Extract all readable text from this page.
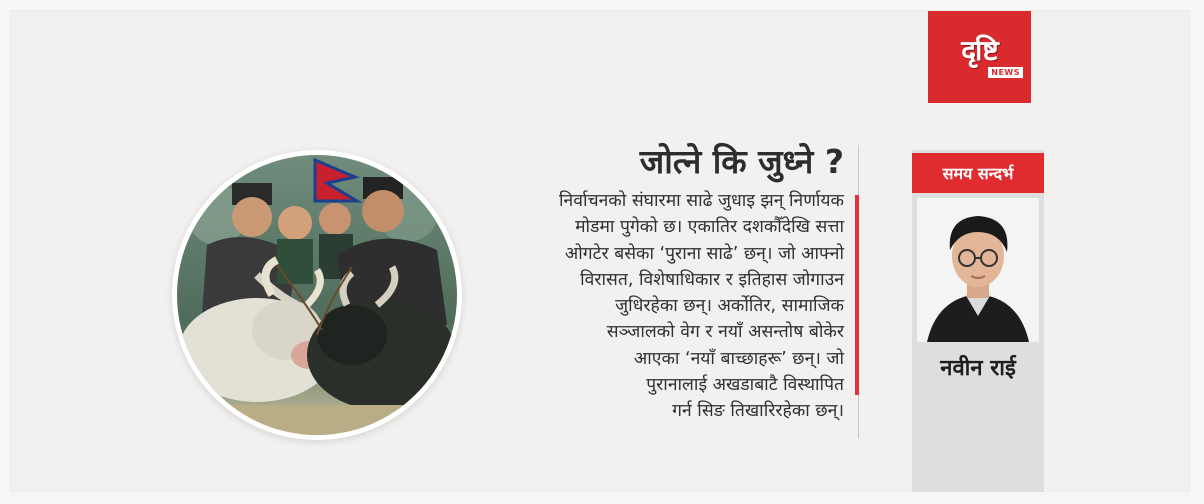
दृष्टि
NEWS
जोत्ने कि जुध्ने ?
निर्वाचनको संघारमा साढे जुधाइ झन् निर्णायक
मोडमा पुगेको छ। एकातिर दशकौँदेखि सत्ता
ओगटेर बसेका ‘पुराना साढे’ छन्। जो आफ्नो
विरासत, विशेषाधिकार र इतिहास जोगाउन
जुधिरहेका छन्। अर्कोतिर, सामाजिक
सञ्जालको वेग र नयाँ असन्तोष बोकेर
आएका ‘नयाँ बाच्छाहरू’ छन्। जो
पुरानालाई अखडाबाटै विस्थापित
गर्न सिङ तिखारिरहेका छन्।
समय सन्दर्भ
नवीन राई
